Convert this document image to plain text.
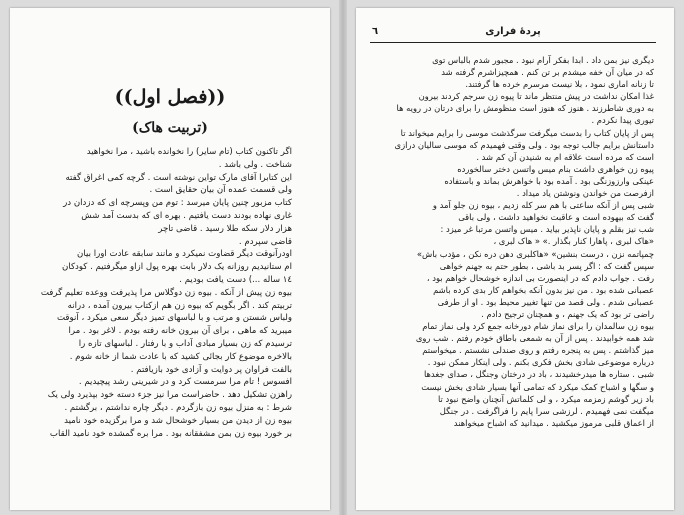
((فصل اول))
(تربیت هاک)
اگر تاکنون کتاب (تام سایر) را نخوانده باشید ، مرا نخواهید
شناخت . ولی باشد .
این کتابرا آقای مارک تواین نوشته است . گرچه کمی اغراق گفته
ولی قسمت عمده آن بیان حقایق است .
کتاب مزبور چنین پایان میرسد : توم من وپسرچه ای که دزدان در
غاری نهاده بودند دست یافتیم . بهره ای که بدست آمد شش
هزار دلار سکه طلا رسید . قاضی تاچر
قاضی سپردم .
اودرآنوقت دیگر قضاوت نمیکرد و مانند سابقه عادت اورا بیان
ام ستانیدیم روزانه یک دلار بابت بهره پول ازاو میگرفتیم . کودکان
١٤ ساله ...) دست یافت بودیم .
بیوه زن پیش از آنکه . بیوه زن دوگلاس مرا پذیرفت ووعده تعلیم گرفت
تربیتم کند . اگر بگویم که بیوه زن هم ازکتاب بیرون آمده ، درانه
ولباس شستن و مرتب و با لباسهای تمیز دیگر سعی میکرد ، آنوقت
میبرید که ماهی ، برای آن بیرون خانه رفته بودم . لاغر بود . مرا
ترسیدم که زن بسیار مبادی آداب و با رفتار . لباسهای تازه را
بالاخره موضوع کار بجائی کشید که با عادت شما از خانه شوم .
بالفت فراوان پر دوایت و آزادی خود بازیافتم .
افسوس ! تام مرا سرمست کرد و در شیرینی رشد پیچیدیم .
راهزن تشکیل دهد . حاضراست مرا نیز جزء دسته خود بپذیرد ولی یک
شرط : به منزل بیوه زن بازگردم . دیگر چاره نداشتم ، برگشتم .
بیوه زن از دیدن من بسیار خوشحال شد و مرا برگزیده خود نامید
بر خورد بیوه زن بمن مشفقانه بود . مرا بره گمشده خود نامید القاب
پردهٔ فراری
٦
دیگری نیز بمن داد . ابدا بفکر آرام نبود . مجبور شدم بالباس توی
که در میان آن خفه میشدم بر تن کنم . همچیزاشرم گرفته شد
تا زنانه اماری نمود ، بلا نیست مرسرم خرده ها گرفتند.
غذا امکان نداشت در پیش منتظر ماند تا پیوه زن سرجم کردند بیرون
به دوری شاطرزند . هنوز که هنوز است منظومش را برای درتان در رویه ها
تیوری پیدا نکردم .
پس از پایان کتاب را بدست میگرفت سرگذشت موسی را برایم میخواند تا
داستانش برایم جالب توجه بود . ولی وقتی فهمیدم که موسی سالیان درازی
است که مرده است علاقه ام به شنیدن آن کم شد .
پیوه زن خواهری داشت بنام میس واتسن دختر سالخورده
عینکی وارزوزنگی بود . آمده بود با خواهرش بماند و باستفاده
ازفرصت من خواندن ونوشتن یاد میداد .
شبی پس از آنکه ساعتی با هم سر کله زدیم ، بیوه زن جلو آمد و
گفت که بیهوده است و عاقبت نخواهید داشت ، ولی باقی
شب نیز بقلم و پایان ناپذیر بیاید . میس واتسن مرتبا غر میزد :
«هاک لبری ، پاهارا کنار بگذار .» « هاک لبری ،
چمپاتمه نزن ، درست بنشین» «هاکلبری دهن دره نکن ، مؤدب باش»
سپس گفت که : اگر پسر بد باشی ، بطور حتم به جهنم خواهی
رفت . جواب دادم که در اینصورت بی اندازه خوشحال خواهم بود ،
عصبانی شده بود . من نیز بدون آنکه بخواهم کار بدی کرده باشم
عصبانی شدم . ولی قصد من تنها تغییر محیط بود . او از طرفی
راضی تر بود که یک جهنم ، و همچنان ترجیح دادم .
بیوه زن سالمدان را برای نماز شام دورخانه جمع کرد ولی نماز تمام
شد همه خوابیدند . پس از آن به شمعی باطاق خودم رفتم . شب روی
میز گذاشتم . پس به پنجره رفتم و روی صندلی نشستم . میخواستم
درباره موضوعی شادی بخش فکری بکنم . ولی اینکار ممکن نبود .
شبی . ستاره ها میدرخشیدند ، باد در درختان وجنگل ، صدای جغدها
و سگها و اشباح کمک میکرد که تمامی آنها بسیار شادی بخش نیست
باد زیر گوشم زمزمه میکرد ، و لی کلماتش آنچنان واضح نبود تا
میگفت نمی فهمیدم . لرزشی سرا پایم را فراگرفت . در جنگل
از اعماق قلبی مرموز میکشید . میدانید که اشباح میخواهند
